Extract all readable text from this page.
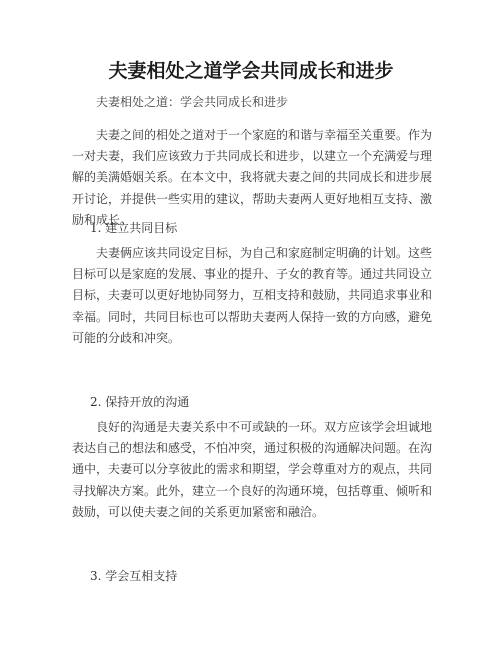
夫妻相处之道学会共同成长和进步
夫妻相处之道：学会共同成长和进步

夫妻之间的相处之道对于一个家庭的和谐与幸福至关重要。作为一对夫妻，我们应该致力于共同成长和进步，以建立一个充满爱与理解的美满婚姻关系。在本文中，我将就夫妻之间的共同成长和进步展开讨论，并提供一些实用的建议，帮助夫妻两人更好地相互支持、激励和成长。

1. 建立共同目标

夫妻俩应该共同设定目标，为自己和家庭制定明确的计划。这些目标可以是家庭的发展、事业的提升、子女的教育等。通过共同设立目标，夫妻可以更好地协同努力，互相支持和鼓励，共同追求事业和幸福。同时，共同目标也可以帮助夫妻两人保持一致的方向感，避免可能的分歧和冲突。

2. 保持开放的沟通

良好的沟通是夫妻关系中不可或缺的一环。双方应该学会坦诚地表达自己的想法和感受，不怕冲突，通过积极的沟通解决问题。在沟通中，夫妻可以分享彼此的需求和期望，学会尊重对方的观点，共同寻找解决方案。此外，建立一个良好的沟通环境，包括尊重、倾听和鼓励，可以使夫妻之间的关系更加紧密和融洽。

3. 学会互相支持
